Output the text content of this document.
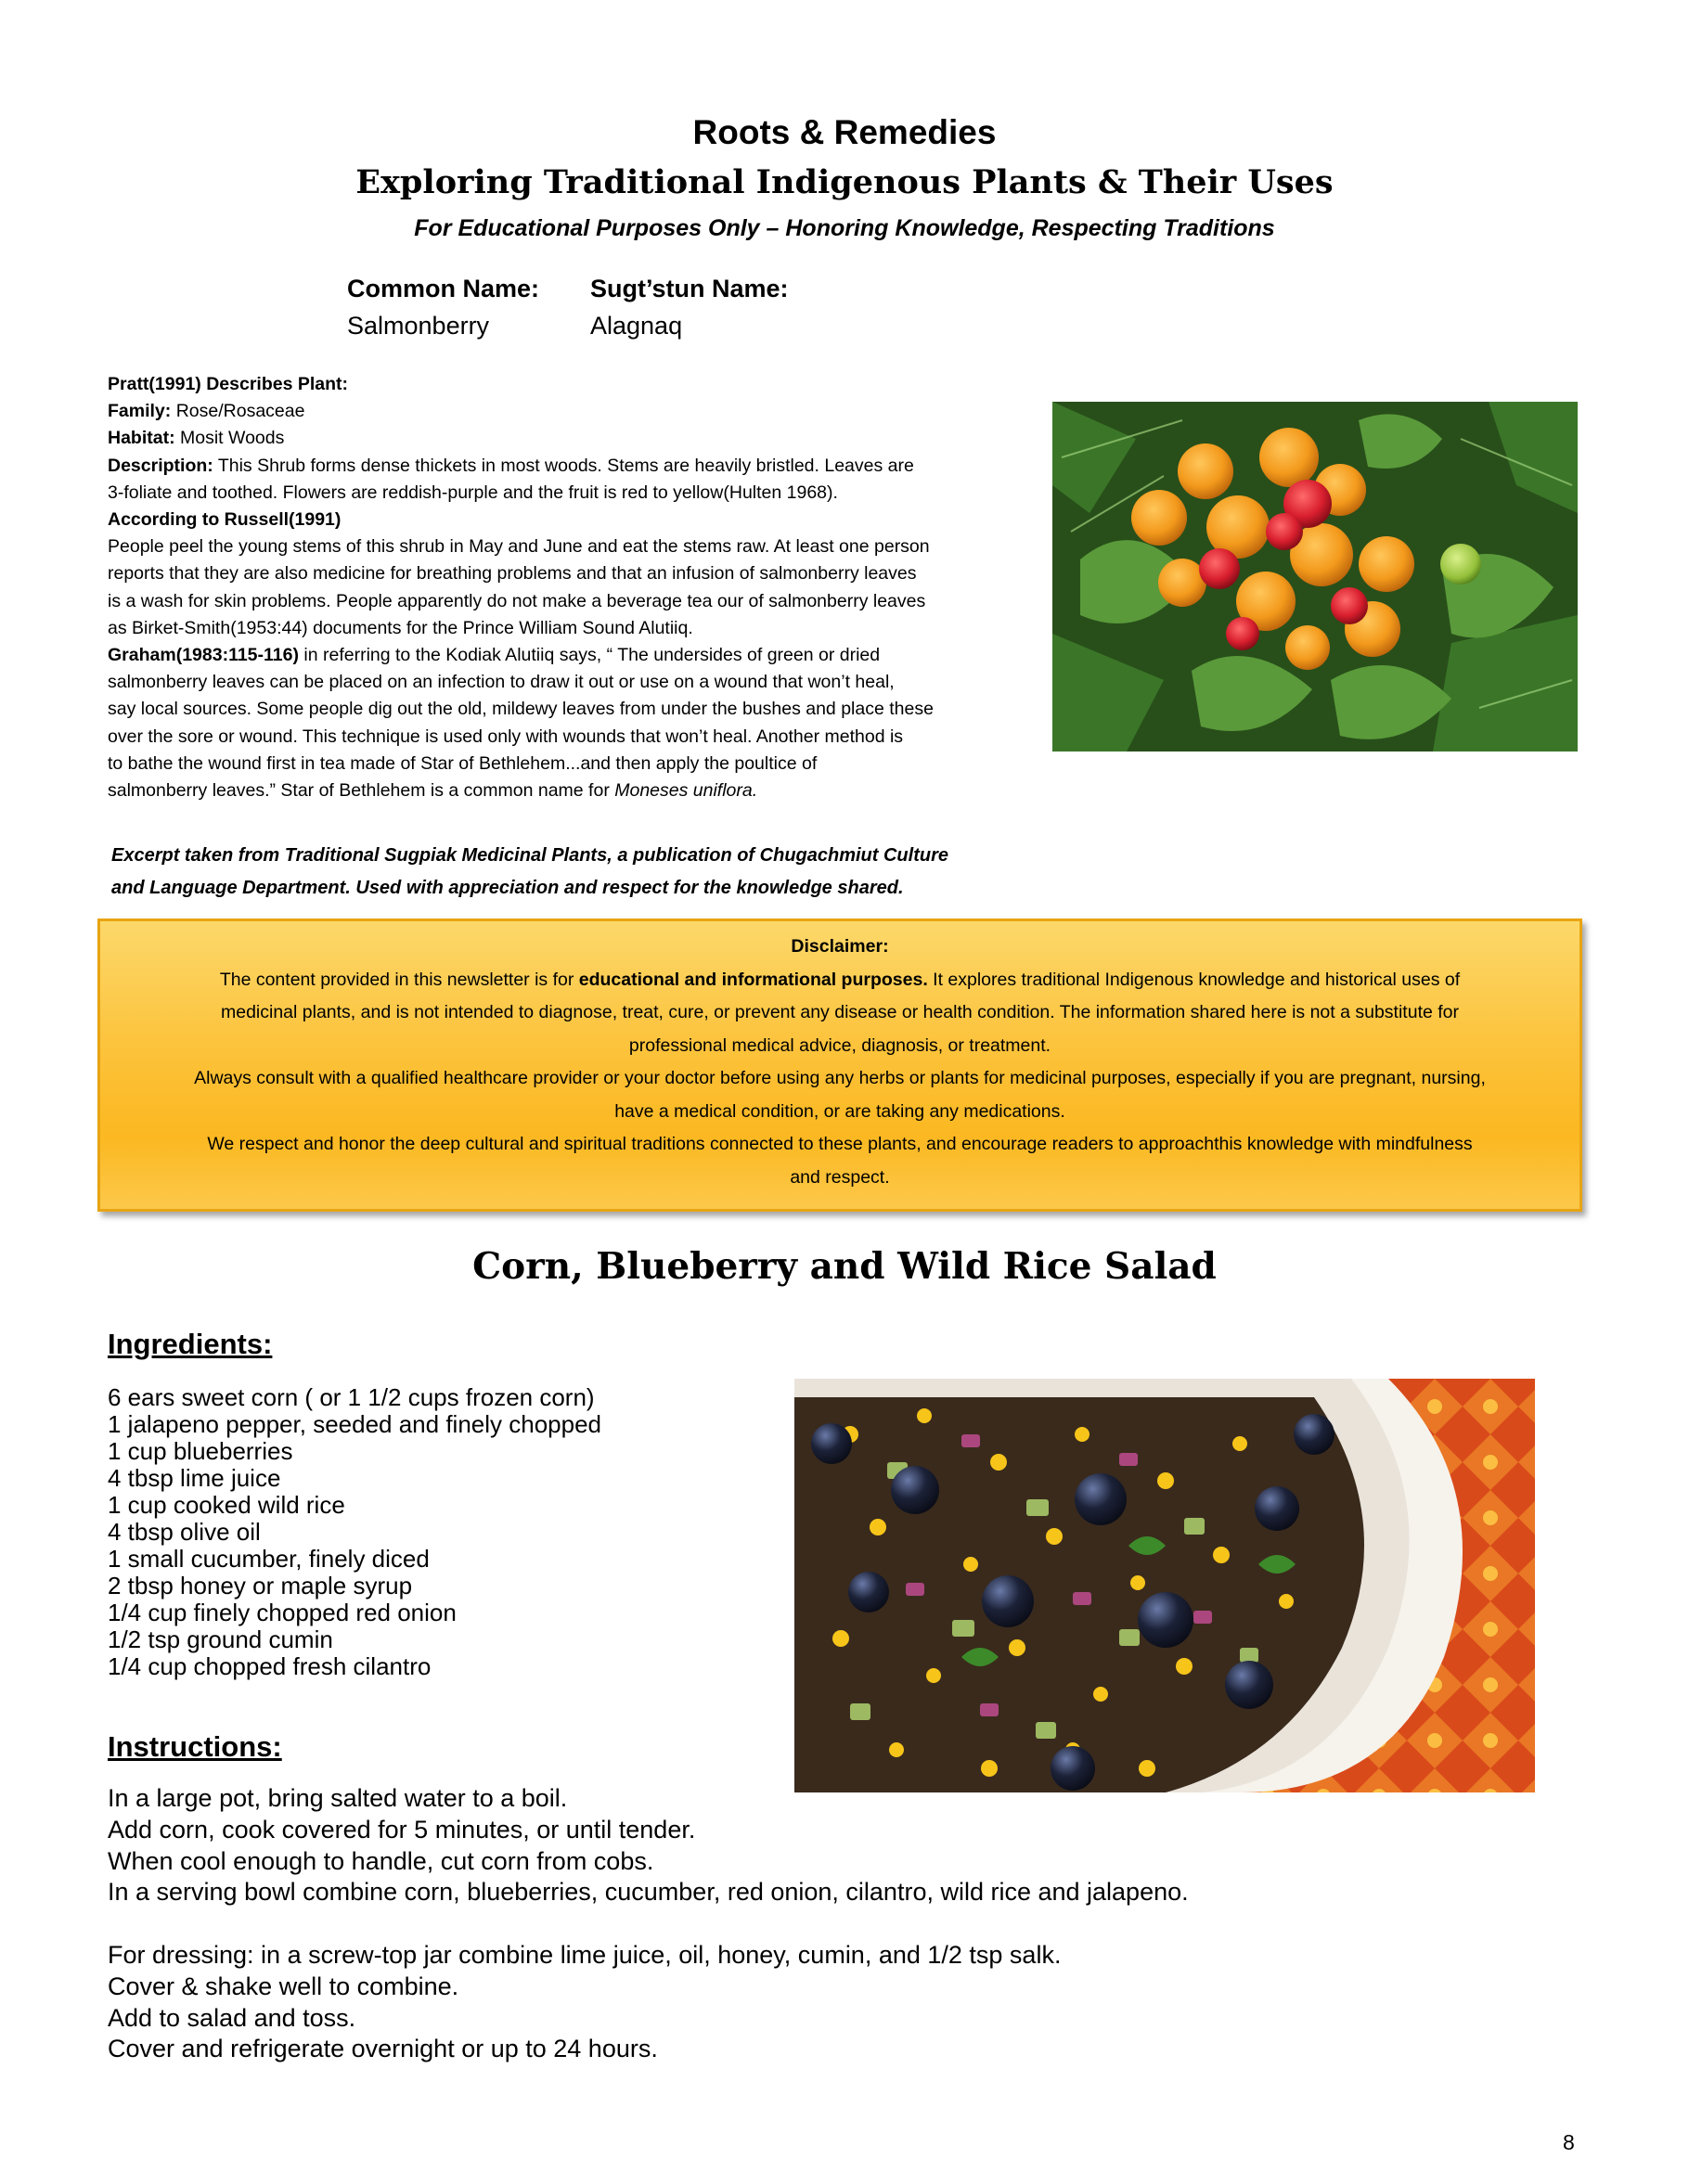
Roots & Remedies
Exploring Traditional Indigenous Plants & Their Uses
For Educational Purposes Only – Honoring Knowledge, Respecting Traditions
Common Name:
Salmonberry
Sugt’stun Name:
Alagnaq

Pratt(1991) Describes Plant:

Family: Rose/Rosaceae

Habitat: Mosit Woods

Description: This Shrub forms dense thickets in most woods. Stems are heavily bristled. Leaves are

3-foliate and toothed. Flowers are reddish-purple and the fruit is red to yellow(Hulten 1968).

According to Russell(1991)

People peel the young stems of this shrub in May and June and eat the stems raw. At least one person

reports that they are also medicine for breathing problems and that an infusion of salmonberry leaves

is a wash for skin problems. People apparently do not make a beverage tea our of salmonberry leaves

as Birket-Smith(1953:44) documents for the Prince William Sound Alutiiq.

Graham(1983:115-116) in referring to the Kodiak Alutiiq says, “ The undersides of green or dried

salmonberry leaves can be placed on an infection to draw it out or use on a wound that won’t heal,

say local sources. Some people dig out the old, mildewy leaves from under the bushes and place these

over the sore or wound. This technique is used only with wounds that won’t heal. Another method is

to bathe the wound first in tea made of Star of Bethlehem...and then apply the poultice of

salmonberry leaves.” Star of Bethlehem is a common name for Moneses uniflora.

Excerpt taken from Traditional Sugpiak Medicinal Plants, a publication of Chugachmiut Culture
and Language Department. Used with appreciation and respect for the knowledge shared.

Disclaimer:

The content provided in this newsletter is for educational and informational purposes. It explores traditional Indigenous knowledge and historical uses of

medicinal plants, and is not intended to diagnose, treat, cure, or prevent any disease or health condition. The information shared here is not a substitute for

professional medical advice, diagnosis, or treatment.

Always consult with a qualified healthcare provider or your doctor before using any herbs or plants for medicinal purposes, especially if you are pregnant, nursing,

have a medical condition, or are taking any medications.

We respect and honor the deep cultural and spiritual traditions connected to these plants, and encourage readers to approachthis knowledge with mindfulness

and respect.

Corn, Blueberry and Wild Rice Salad
Ingredients:
6 ears sweet corn ( or 1 1/2 cups frozen corn)
1 jalapeno pepper, seeded and finely chopped
1 cup blueberries
4 tbsp lime juice
1 cup cooked wild rice
4 tbsp olive oil
1 small cucumber, finely diced
2 tbsp honey or maple syrup
1/4 cup finely chopped red onion
1/2 tsp ground cumin
1/4 cup chopped fresh cilantro
Instructions:
In a large pot, bring salted water to a boil.
Add corn, cook covered for 5 minutes, or until tender.
When cool enough to handle, cut corn from cobs.
In a serving bowl combine corn, blueberries, cucumber, red onion, cilantro, wild rice and jalapeno.
For dressing: in a screw-top jar combine lime juice, oil, honey, cumin, and 1/2 tsp salk.
Cover & shake well to combine.
Add to salad and toss.
Cover and refrigerate overnight or up to 24 hours.
8
